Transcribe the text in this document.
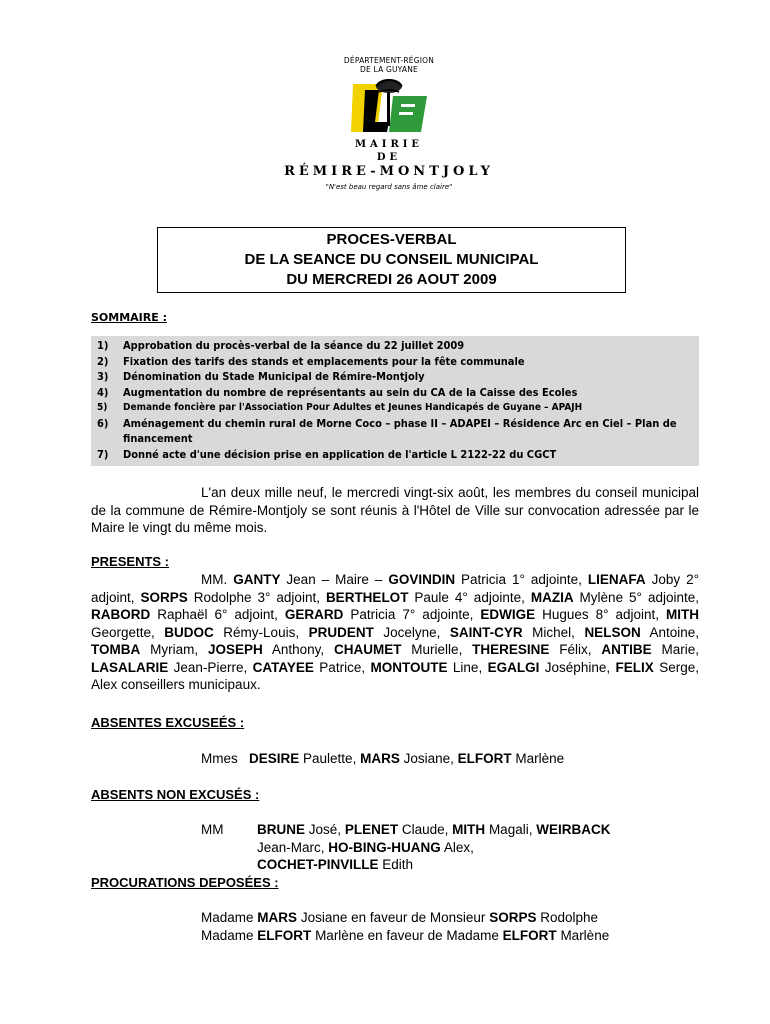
DÉPARTEMENT-RÉGION
DE LA GUYANE
MAIRIE
DE
RÉMIRE-MONTJOLY
"N'est beau regard sans âme claire"
PROCES-VERBAL
DE LA SEANCE DU CONSEIL MUNICIPAL
DU MERCREDI 26 AOUT 2009
SOMMAIRE :
1)	Approbation du procès-verbal de la séance du 22 juillet 2009
2)	Fixation des tarifs des stands et emplacements pour la fête communale
3)	Dénomination du Stade Municipal de Rémire-Montjoly
4)	Augmentation du nombre de représentants au sein du CA de la Caisse des Ecoles
5)	Demande foncière par l'Association Pour Adultes et Jeunes Handicapés de Guyane – APAJH
6)	Aménagement du chemin rural de Morne Coco – phase II – ADAPEI – Résidence Arc en Ciel – Plan de financement
7)	Donné acte d'une décision prise en application de l'article L 2122-22 du CGCT
L'an deux mille neuf, le mercredi vingt-six août, les membres du conseil municipal de la commune de Rémire-Montjoly se sont réunis à l'Hôtel de Ville sur convocation adressée par le Maire le vingt du même mois.
PRESENTS :
MM. GANTY Jean – Maire – GOVINDIN Patricia 1° adjointe, LIENAFA Joby 2° adjoint, SORPS Rodolphe 3° adjoint, BERTHELOT Paule 4° adjointe, MAZIA Mylène 5° adjointe, RABORD Raphaël 6° adjoint, GERARD Patricia 7° adjointe, EDWIGE Hugues 8° adjoint, MITH Georgette, BUDOC Rémy-Louis, PRUDENT Jocelyne, SAINT-CYR Michel, NELSON Antoine, TOMBA Myriam, JOSEPH Anthony, CHAUMET Murielle, THERESINE Félix, ANTIBE Marie, LASALARIE Jean-Pierre, CATAYEE Patrice, MONTOUTE Line, EGALGI Joséphine, FELIX Serge, Alex conseillers municipaux.
ABSENTES EXCUSEÉS :
Mmes DESIRE Paulette, MARS Josiane, ELFORT Marlène
ABSENTS NON EXCUSÉS :
MM BRUNE José, PLENET Claude, MITH Magali, WEIRBACK
Jean-Marc, HO-BING-HUANG Alex,
COCHET-PINVILLE Edith
PROCURATIONS DEPOSÉES :
Madame MARS Josiane en faveur de Monsieur SORPS Rodolphe
Madame ELFORT Marlène en faveur de Madame ELFORT Marlène
